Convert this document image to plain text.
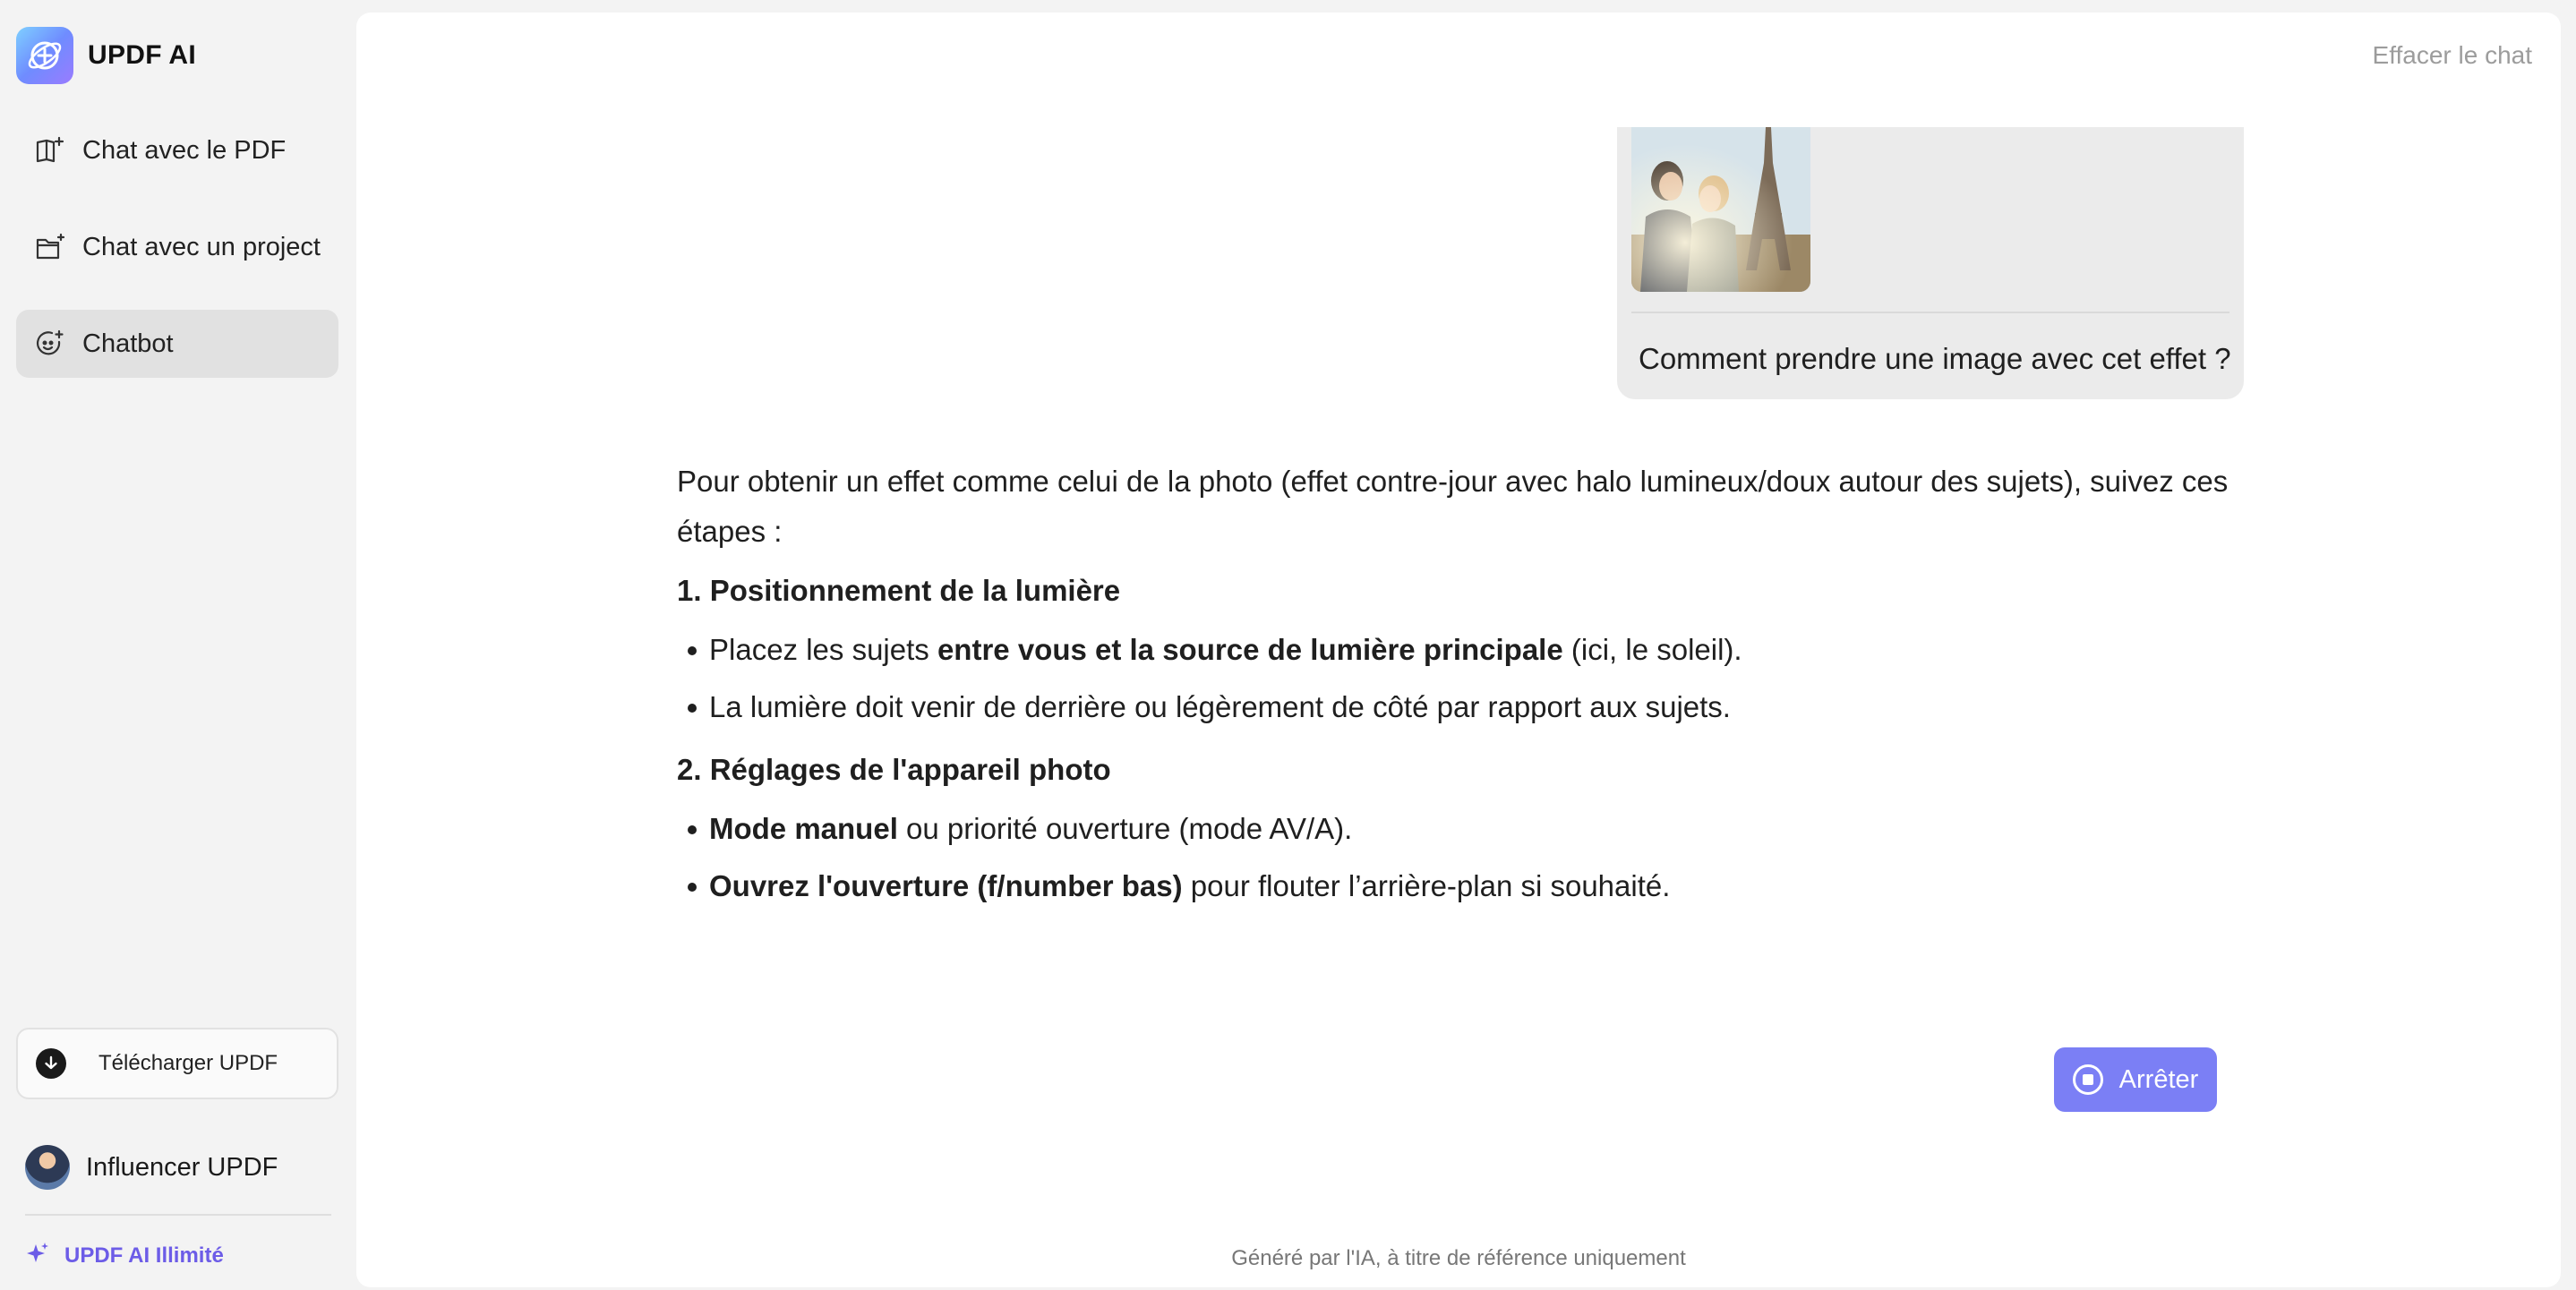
UPDF AI
Chat avec le PDF
Chat avec un project
Chatbot
Télécharger UPDF
Influencer UPDF
UPDF AI Illimité
Effacer le chat
Comment prendre une image avec cet effet ?

Pour obtenir un effet comme celui de la photo (effet contre-jour avec halo lumineux/doux autour des sujets), suivez ces étapes :

1. Positionnement de la lumière
Placez les sujets entre vous et la source de lumière principale (ici, le soleil).
La lumière doit venir de derrière ou légèrement de côté par rapport aux sujets.
2. Réglages de l'appareil photo
Mode manuel ou priorité ouverture (mode AV/A).
Ouvrez l'ouverture (f/number bas) pour flouter l’arrière-plan si souhaité.
Arrêter
Généré par l'IA, à titre de référence uniquement
